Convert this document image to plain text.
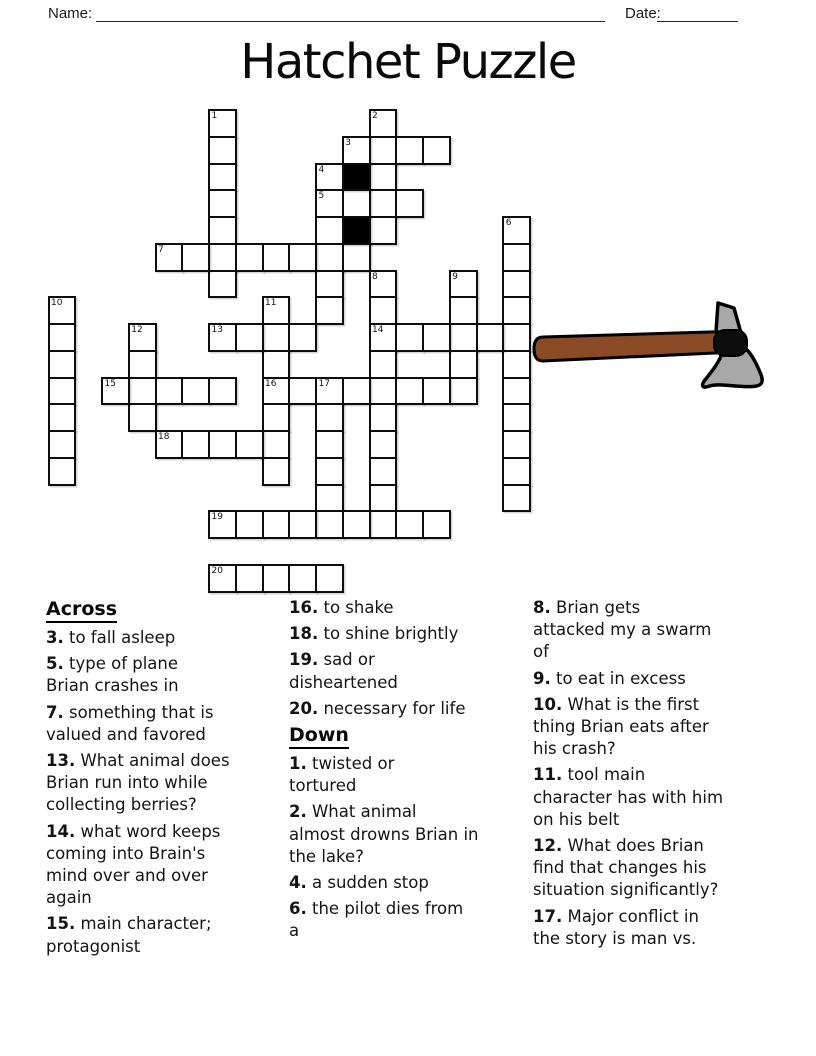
Name:	Date:
Hatchet Puzzle
1	2
3
4
5
6
7
8
14
9
10	11
16
12	13
15	17
18
19
20
Across
3. to fall asleep
5. type of plane
Brian crashes in
7. something that is
valued and favored
13. What animal does
Brian run into while
collecting berries?
14. what word keeps
coming into Brain's
mind over and over
again
15. main character;
protagonist
16. to shake
18. to shine brightly
19. sad or
disheartened
20. necessary for life
Down
1. twisted or
tortured
2. What animal
almost drowns Brian in
the lake?
4. a sudden stop
6. the pilot dies from
a
8. Brian gets
attacked my a swarm
of
9. to eat in excess
10. What is the first
thing Brian eats after
his crash?
11. tool main
character has with him
on his belt
12. What does Brian
find that changes his
situation significantly?
17. Major conflict in
the story is man vs.
